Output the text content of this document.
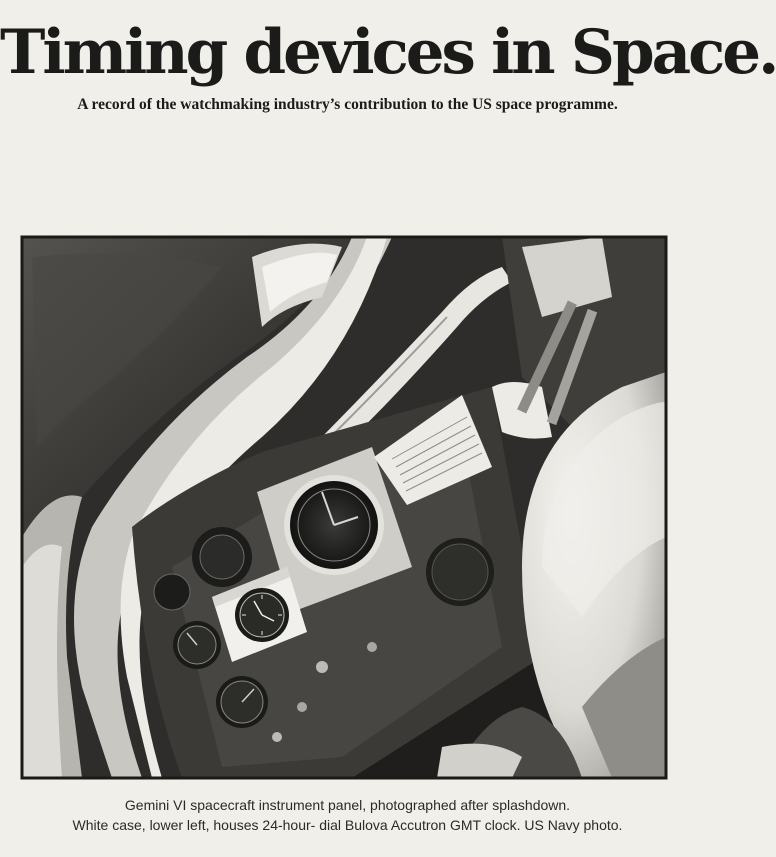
Timing devices in Space.
A record of the watchmaking industry’s contribution to the US space programme.
Gemini VI spacecraft instrument panel, photographed after splashdown.
White case, lower left, houses 24-hour- dial Bulova Accutron GMT clock. US Navy photo.
